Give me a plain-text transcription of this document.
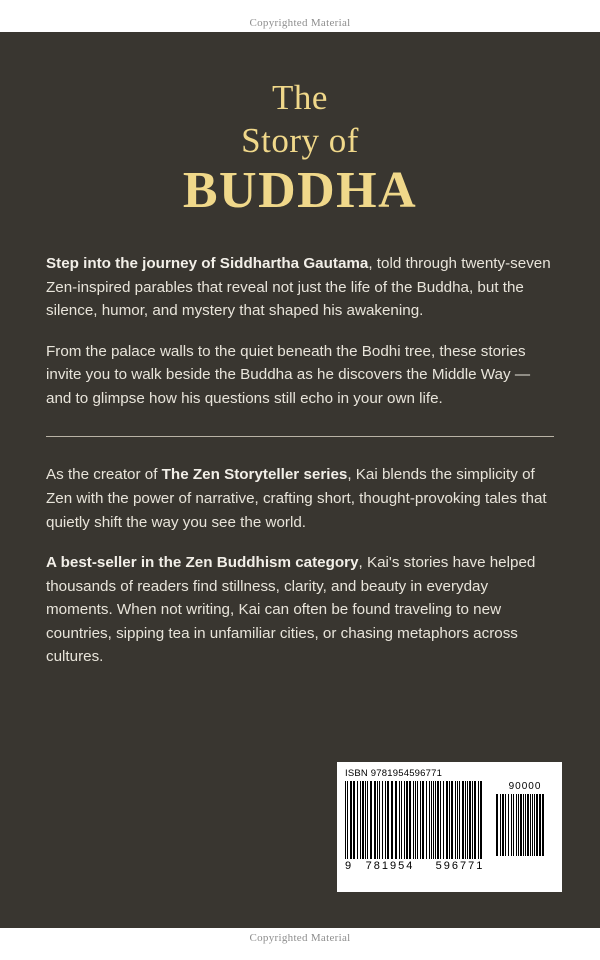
Copyrighted Material
The
Story of
BUDDHA

Step into the journey of Siddhartha Gautama, told through twenty-seven Zen-inspired parables that reveal not just the life of the Buddha, but the silence, humor, and mystery that shaped his awakening.

From the palace walls to the quiet beneath the Bodhi tree, these stories invite you to walk beside the Buddha as he discovers the Middle Way — and to glimpse how his questions still echo in your own life.

As the creator of The Zen Storyteller series, Kai blends the simplicity of Zen with the power of narrative, crafting short, thought-provoking tales that quietly shift the way you see the world.

A best-seller in the Zen Buddhism category, Kai's stories have helped thousands of readers find stillness, clarity, and beauty in everyday moments. When not writing, Kai can often be found traveling to new countries, sipping tea in unfamiliar cities, or chasing metaphors across cultures.

ISBN 9781954596771
9	781954	596771
90000
Copyrighted Material
